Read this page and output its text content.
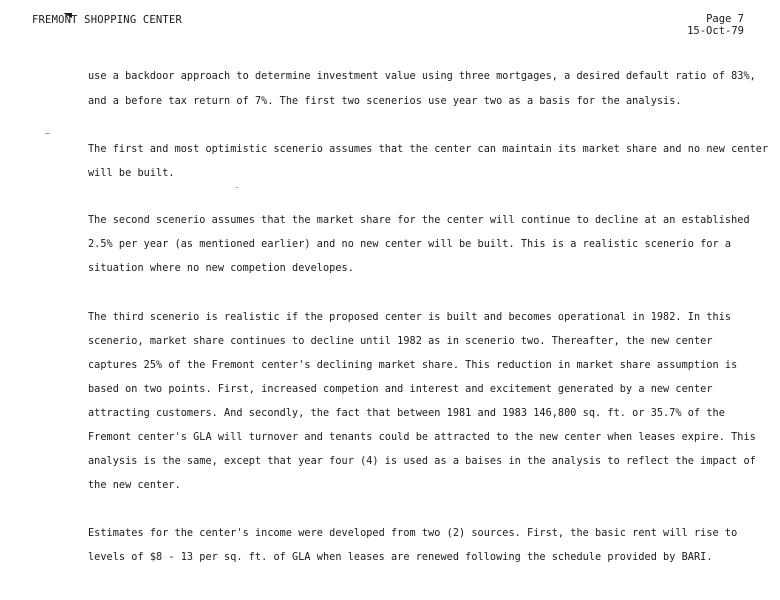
FREMONT SHOPPING CENTER	Page 7
15-Oct-79
use a backdoor approach to determine investment value using three mortgages, a desired default ratio of 83%,
and a before tax return of 7%. The first two scenerios use year two as a basis for the analysis.
The first and most optimistic scenerio assumes that the center can maintain its market share and no new center
will be built.
The second scenerio assumes that the market share for the center will continue to decline at an established
2.5% per year (as mentioned earlier) and no new center will be built. This is a realistic scenerio for a
situation where no new competion developes.
The third scenerio is realistic if the proposed center is built and becomes operational in 1982. In this
scenerio, market share continues to decline until 1982 as in scenerio two. Thereafter, the new center
captures 25% of the Fremont center's declining market share. This reduction in market share assumption is
based on two points. First, increased competion and interest and excitement generated by a new center
attracting customers. And secondly, the fact that between 1981 and 1983 146,800 sq. ft. or 35.7% of the
Fremont center's GLA will turnover and tenants could be attracted to the new center when leases expire. This
analysis is the same, except that year four (4) is used as a baises in the analysis to reflect the impact of
the new center.
Estimates for the center's income were developed from two (2) sources. First, the basic rent will rise to
levels of $8 - 13 per sq. ft. of GLA when leases are renewed following the schedule provided by BARI.
